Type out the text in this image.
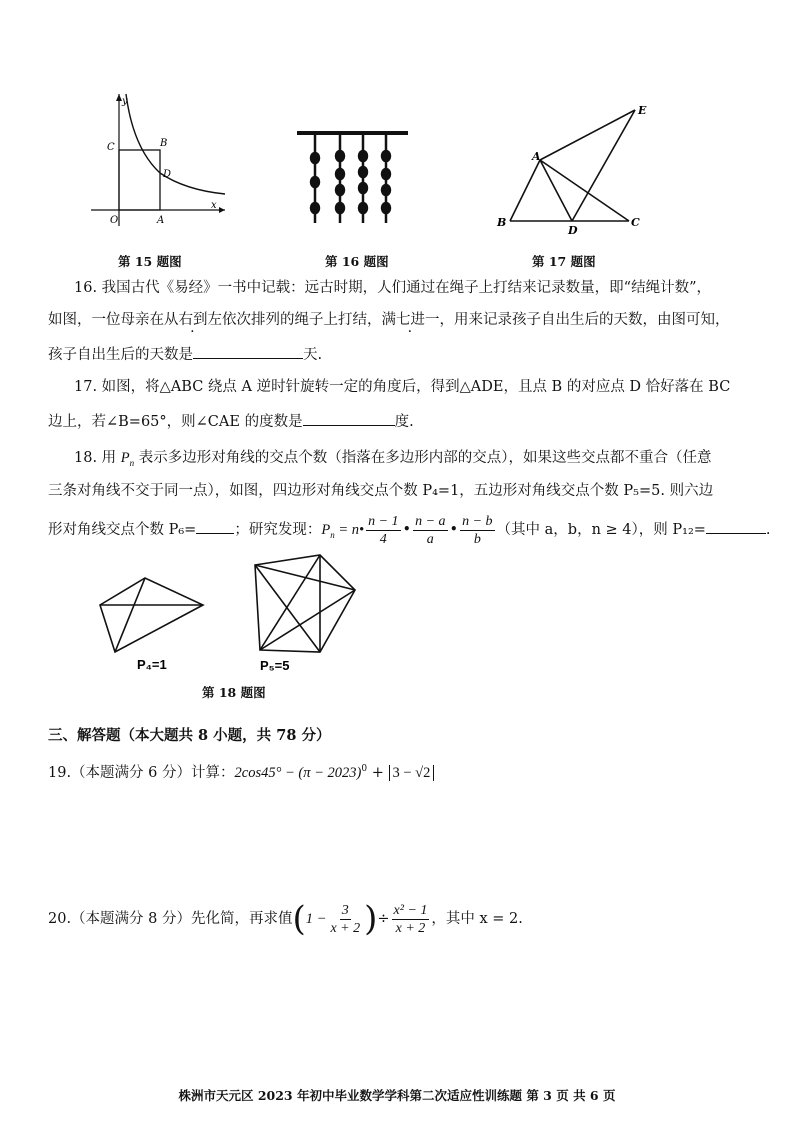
y
x
O	A
B
C
D
第 15 题图	第 16 题图
A
B	C
D
E
第 17 题图
16. 我国古代《易经》一书中记载：远古时期，人们通过在绳子上打结来记录数量，即“结绳计数”，
如图，一位母亲在从右到左依次排列的绳子上打结，满七进一，用来记录孩子自出生后的天数，由图可知，
孩子自出生后的天数是	天.
17. 如图，将△ABC 绕点 A 逆时针旋转一定的角度后，得到△ADE，且点 B 的对应点 D 恰好落在 BC
边上，若∠B=65°，则∠CAE 的度数是	度.
18. 用 $P_n$ 表示多边形对角线的交点个数（指落在多边形内部的交点），如果这些交点都不重合（任意
三条对角线不交于同一点），如图，四边形对角线交点个数 P₄=1，五边形对角线交点个数 P₅=5. 则六边
形对角线交点个数 P₆=	；研究发现：$P_n$ = n• $\frac{n - 1}{4}$ • $\frac{n - a}{a}$ • $\frac{n - b}{b}$ （其中 a，b，n ≥ 4），则 P₁₂=	.
P₄=1	P₅=5
第 18 题图
三、解答题（本大题共 8 小题，共 78 分）
19.（本题满分 6 分）计算：$2\cos 45^\circ - (\pi - 2023)^0 + 3 - √2$
20.（本题满分 8 分）先化简，再求值($1 - \frac{3}{x + 2}$ )÷ $\frac{\text{x² − 1}}{x + 2}$ ，其中 x = 2.
株洲市天元区 2023 年初中毕业数学学科第二次适应性训练题 第 3 页 共 6 页
